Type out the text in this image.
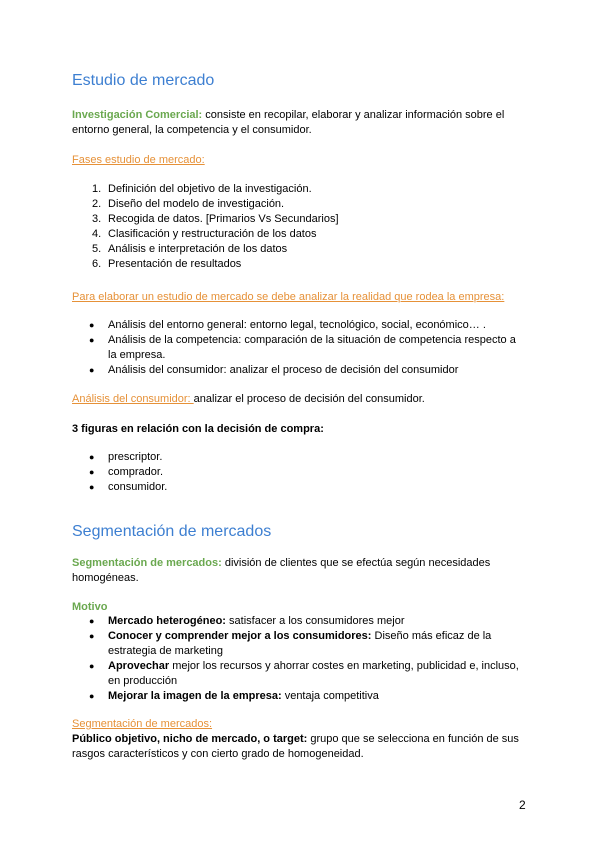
Estudio de mercado

Investigación Comercial: consiste en recopilar, elaborar y analizar información sobre el entorno general, la competencia y el consumidor.

Fases estudio de mercado:

1. Definición del objetivo de la investigación.
2. Diseño del modelo de investigación.
3. Recogida de datos. [Primarios Vs Secundarios]
4. Clasificación y restructuración de los datos
5. Análisis e interpretación de los datos
6. Presentación de resultados

Para elaborar un estudio de mercado se debe analizar la realidad que rodea la empresa:

● Análisis del entorno general: entorno legal, tecnológico, social, económico… .
● Análisis de la competencia: comparación de la situación de competencia respecto a la empresa.
● Análisis del consumidor: analizar el proceso de decisión del consumidor

Análisis del consumidor: analizar el proceso de decisión del consumidor.

3 figuras en relación con la decisión de compra:

● prescriptor.
● comprador.
● consumidor.
Segmentación de mercados

Segmentación de mercados: división de clientes que se efectúa según necesidades homogéneas.

Motivo

● Mercado heterogéneo: satisfacer a los consumidores mejor
● Conocer y comprender mejor a los consumidores: Diseño más eficaz de la estrategia de marketing
● Aprovechar mejor los recursos y ahorrar costes en marketing, publicidad e, incluso, en producción
● Mejorar la imagen de la empresa: ventaja competitiva

Segmentación de mercados:

Público objetivo, nicho de mercado, o target: grupo que se selecciona en función de sus rasgos característicos y con cierto grado de homogeneidad.

2
